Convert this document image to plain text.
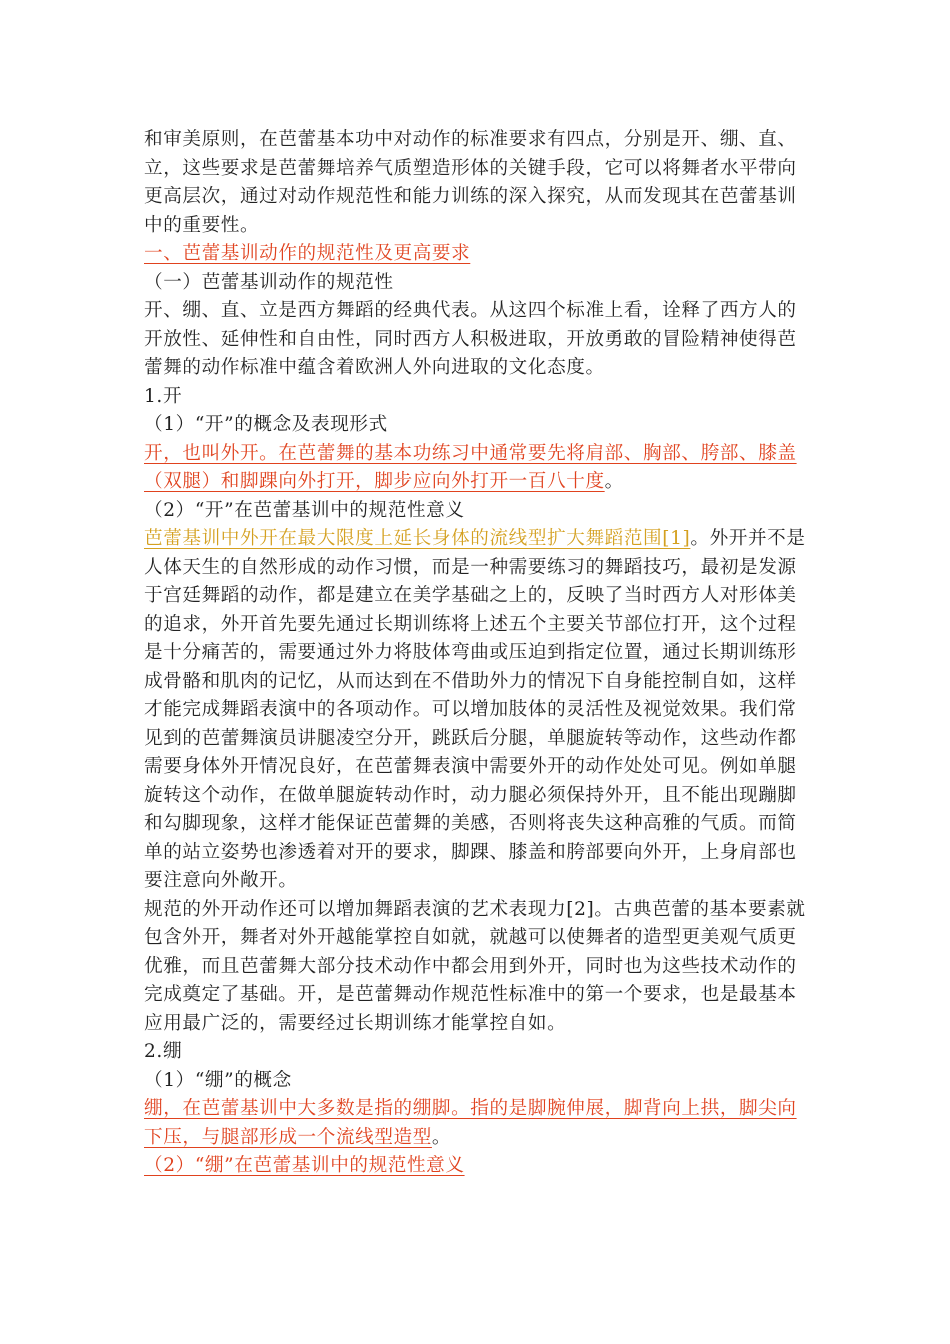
和审美原则，在芭蕾基本功中对动作的标准要求有四点，分别是开、绷、直、
立，这些要求是芭蕾舞培养气质塑造形体的关键手段，它可以将舞者水平带向
更高层次，通过对动作规范性和能力训练的深入探究，从而发现其在芭蕾基训
中的重要性。
一、芭蕾基训动作的规范性及更高要求
（一）芭蕾基训动作的规范性
开、绷、直、立是西方舞蹈的经典代表。从这四个标准上看，诠释了西方人的
开放性、延伸性和自由性，同时西方人积极进取，开放勇敢的冒险精神使得芭
蕾舞的动作标准中蕴含着欧洲人外向进取的文化态度。
1.开
（1）“开”的概念及表现形式
开，也叫外开。在芭蕾舞的基本功练习中通常要先将肩部、胸部、胯部、膝盖
（双腿）和脚踝向外打开，脚步应向外打开一百八十度。
（2）“开”在芭蕾基训中的规范性意义
芭蕾基训中外开在最大限度上延长身体的流线型扩大舞蹈范围[1]。外开并不是
人体天生的自然形成的动作习惯，而是一种需要练习的舞蹈技巧，最初是发源
于宫廷舞蹈的动作，都是建立在美学基础之上的，反映了当时西方人对形体美
的追求，外开首先要先通过长期训练将上述五个主要关节部位打开，这个过程
是十分痛苦的，需要通过外力将肢体弯曲或压迫到指定位置，通过长期训练形
成骨骼和肌肉的记忆，从而达到在不借助外力的情况下自身能控制自如，这样
才能完成舞蹈表演中的各项动作。可以增加肢体的灵活性及视觉效果。我们常
见到的芭蕾舞演员讲腿凌空分开，跳跃后分腿，单腿旋转等动作，这些动作都
需要身体外开情况良好，在芭蕾舞表演中需要外开的动作处处可见。例如单腿
旋转这个动作，在做单腿旋转动作时，动力腿必须保持外开，且不能出现蹦脚
和勾脚现象，这样才能保证芭蕾舞的美感，否则将丧失这种高雅的气质。而简
单的站立姿势也渗透着对开的要求，脚踝、膝盖和胯部要向外开，上身肩部也
要注意向外敞开。
规范的外开动作还可以增加舞蹈表演的艺术表现力[2]。古典芭蕾的基本要素就
包含外开，舞者对外开越能掌控自如就，就越可以使舞者的造型更美观气质更
优雅，而且芭蕾舞大部分技术动作中都会用到外开，同时也为这些技术动作的
完成奠定了基础。开，是芭蕾舞动作规范性标准中的第一个要求，也是最基本
应用最广泛的，需要经过长期训练才能掌控自如。
2.绷
（1）“绷”的概念
绷，在芭蕾基训中大多数是指的绷脚。指的是脚腕伸展，脚背向上拱，脚尖向
下压，与腿部形成一个流线型造型。
（2）“绷”在芭蕾基训中的规范性意义
